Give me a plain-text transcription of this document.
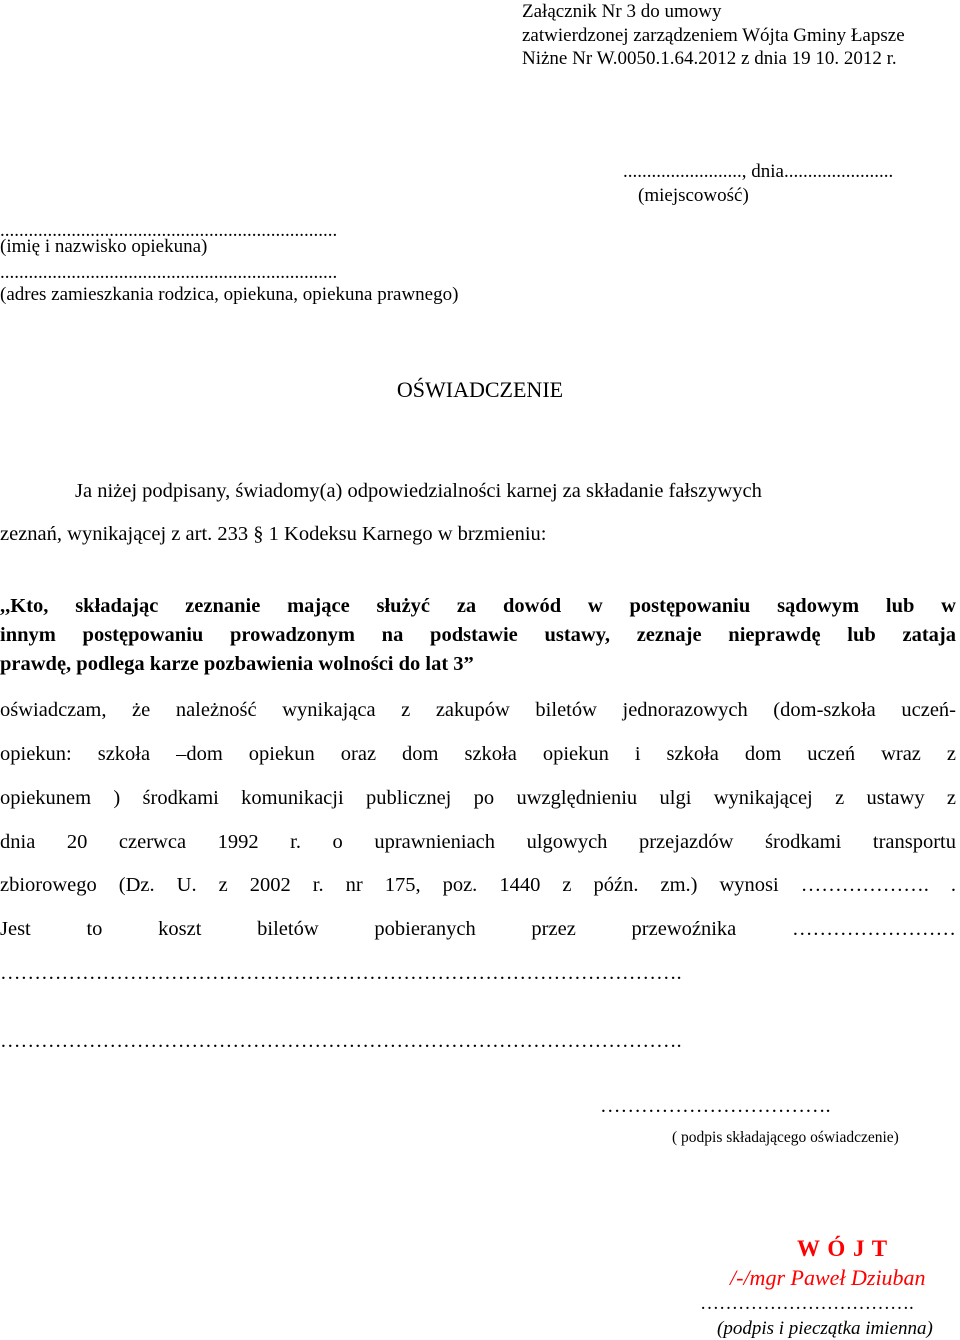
Załącznik Nr 3 do umowy
zatwierdzonej zarządzeniem Wójta Gminy Łapsze
Niżne Nr W.0050.1.64.2012 z dnia 19 10. 2012 r.
........................., dnia.......................
(miejscowość)
.......................................................................
(imię i nazwisko opiekuna)
.......................................................................
(adres zamieszkania rodzica, opiekuna, opiekuna prawnego)
OŚWIADCZENIE
Ja niżej podpisany, świadomy(a) odpowiedzialności karnej za składanie fałszywych
zeznań, wynikającej z art. 233 § 1 Kodeksu Karnego w brzmieniu:
,,Kto, składając zeznanie mające służyć za dowód w postępowaniu sądowym lub w
innym postępowaniu prowadzonym na podstawie ustawy, zeznaje nieprawdę lub zataja
prawdę, podlega karze pozbawienia wolności do lat 3”
oświadczam, że należność wynikająca z zakupów biletów jednorazowych (dom-szkoła uczeń-
opiekun: szkoła –dom opiekun oraz dom szkoła opiekun i szkoła dom uczeń wraz z
opiekunem ) środkami komunikacji publicznej po uwzględnieniu ulgi wynikającej z ustawy z
dnia 20 czerwca 1992 r. o uprawnieniach ulgowych przejazdów środkami transportu
zbiorowego (Dz. U. z 2002 r. nr 175, poz. 1440 z późn. zm.) wynosi ………………. .
Jest to koszt biletów pobieranych przez przewoźnika ……………………
……………………………………………………………………………………….
……………………………………………………………………………………….
…………………………….
( podpis składającego oświadczenie)
W Ó J T
/-/mgr Paweł Dziuban
…………………………….
(podpis i pieczątka imienna)
